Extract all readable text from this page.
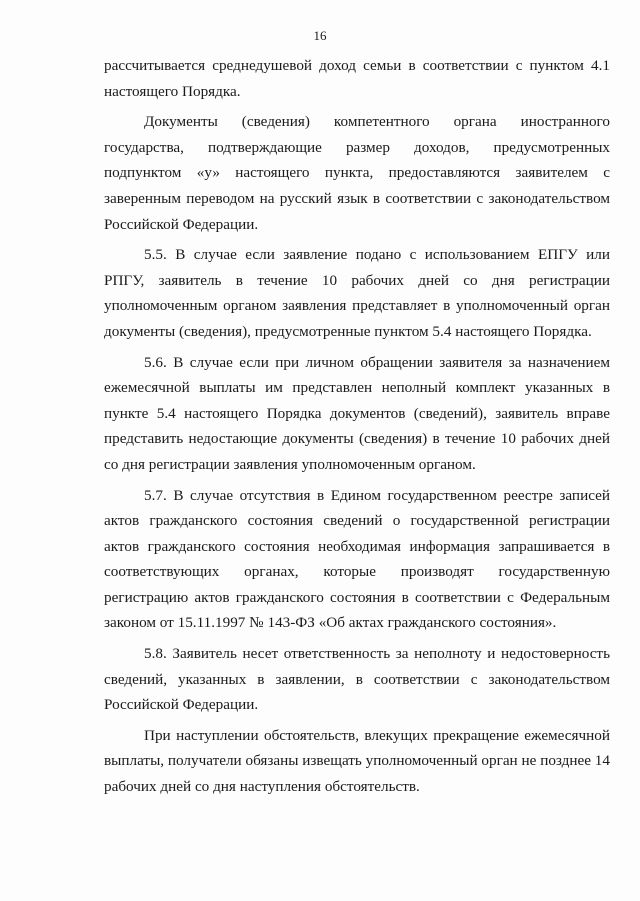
16

рассчитывается среднедушевой доход семьи в соответствии с пунктом 4.1 настоящего Порядка.

Документы (сведения) компетентного органа иностранного государства, подтверждающие размер доходов, предусмотренных подпунктом «у» настоящего пункта, предоставляются заявителем с заверенным переводом на русский язык в соответствии с законодательством Российской Федерации.

5.5. В случае если заявление подано с использованием ЕПГУ или РПГУ, заявитель в течение 10 рабочих дней со дня регистрации уполномоченным органом заявления представляет в уполномоченный орган документы (сведения), предусмотренные пунктом 5.4 настоящего Порядка.

5.6. В случае если при личном обращении заявителя за назначением ежемесячной выплаты им представлен неполный комплект указанных в пункте 5.4 настоящего Порядка документов (сведений), заявитель вправе представить недостающие документы (сведения) в течение 10 рабочих дней со дня регистрации заявления уполномоченным органом.

5.7. В случае отсутствия в Едином государственном реестре записей актов гражданского состояния сведений о государственной регистрации актов гражданского состояния необходимая информация запрашивается в соответствующих органах, которые производят государственную регистрацию актов гражданского состояния в соответствии с Федеральным законом от 15.11.1997 № 143-ФЗ «Об актах гражданского состояния».

5.8. Заявитель несет ответственность за неполноту и недостоверность сведений, указанных в заявлении, в соответствии с законодательством Российской Федерации.

При наступлении обстоятельств, влекущих прекращение ежемесячной выплаты, получатели обязаны извещать уполномоченный орган не позднее 14 рабочих дней со дня наступления обстоятельств.
